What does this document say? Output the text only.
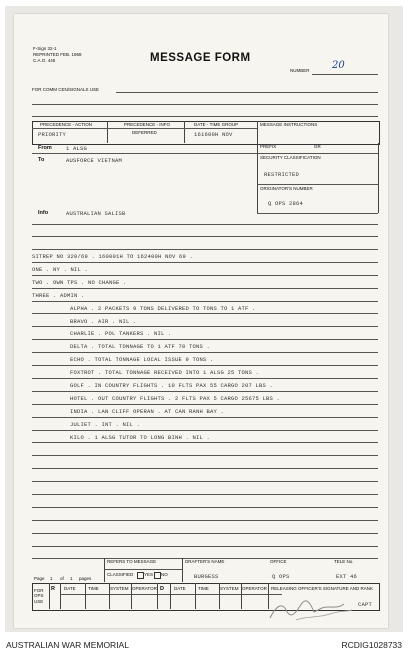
F-Sign 32-1
REPRINTED FEB. 1968
C.A.O. 445	MESSAGE FORM
NUMBER 20
FOR COMM CEN/SIGNALS USE
PRECEDENCE - ACTION
PRIORITY
PRECEDENCE - INFO
DEFERRED
DATE - TIME GROUP
161600H NOV
MESSAGE INSTRUCTIONS
From	1 ALSG	PREFIX	GR
To	AUSFORCE VIETNAM	SECURITY CLASSIFICATION
RESTRICTED
ORIGINATOR'S NUMBER
Q OPS 2864
Info	AUSTRALIAN SALISB
SITREP NO 320/69 . 160001H TO 162400H NOV 69 .
ONE . NY . NIL .
TWO . OWN TPS . NO CHANGE .
THREE . ADMIN .
ALPHA . 2 PACKETS 9 TONS DELIVERED TO TONS TO 1 ATF .
BRAVO . AIR . NIL .
CHARLIE . POL TANKERS . NIL .
DELTA . TOTAL TONNAGE TO 1 ATF 70 TONS .
ECHO . TOTAL TONNAGE LOCAL ISSUE 9 TONS .
FOXTROT . TOTAL TONNAGE RECEIVED INTO 1 ALSG 25 TONS .
GOLF . IN COUNTRY FLIGHTS . 10 FLTS PAX 55 CARGO 207 LBS .
HOTEL . OUT COUNTRY FLIGHTS . 2 FLTS PAX 5 CARGO 25675 LBS .
INDIA . LAN CLIFF OPERAN . AT CAN RANH BAY .
JULIET . INT . NIL .
KILO . 1 ALSG TUTOR TO LONG BINH . NIL .
REFERS TO MESSAGE	DRAFTER'S NAME	OFFICE	TELE No.
CLASSIFIED YES NO	BURGESS	Q OPS	EXT 46
Page 1 of 1 pages
FOR OPS USE
R DATE	TIME	SYSTEM OPERATOR D DATE	TIME	SYSTEM OPERATOR RELEASING OFFICER'S SIGNATURE AND RANK
CAPT
AUSTRALIAN WAR MEMORIAL	RCDIG1028733
